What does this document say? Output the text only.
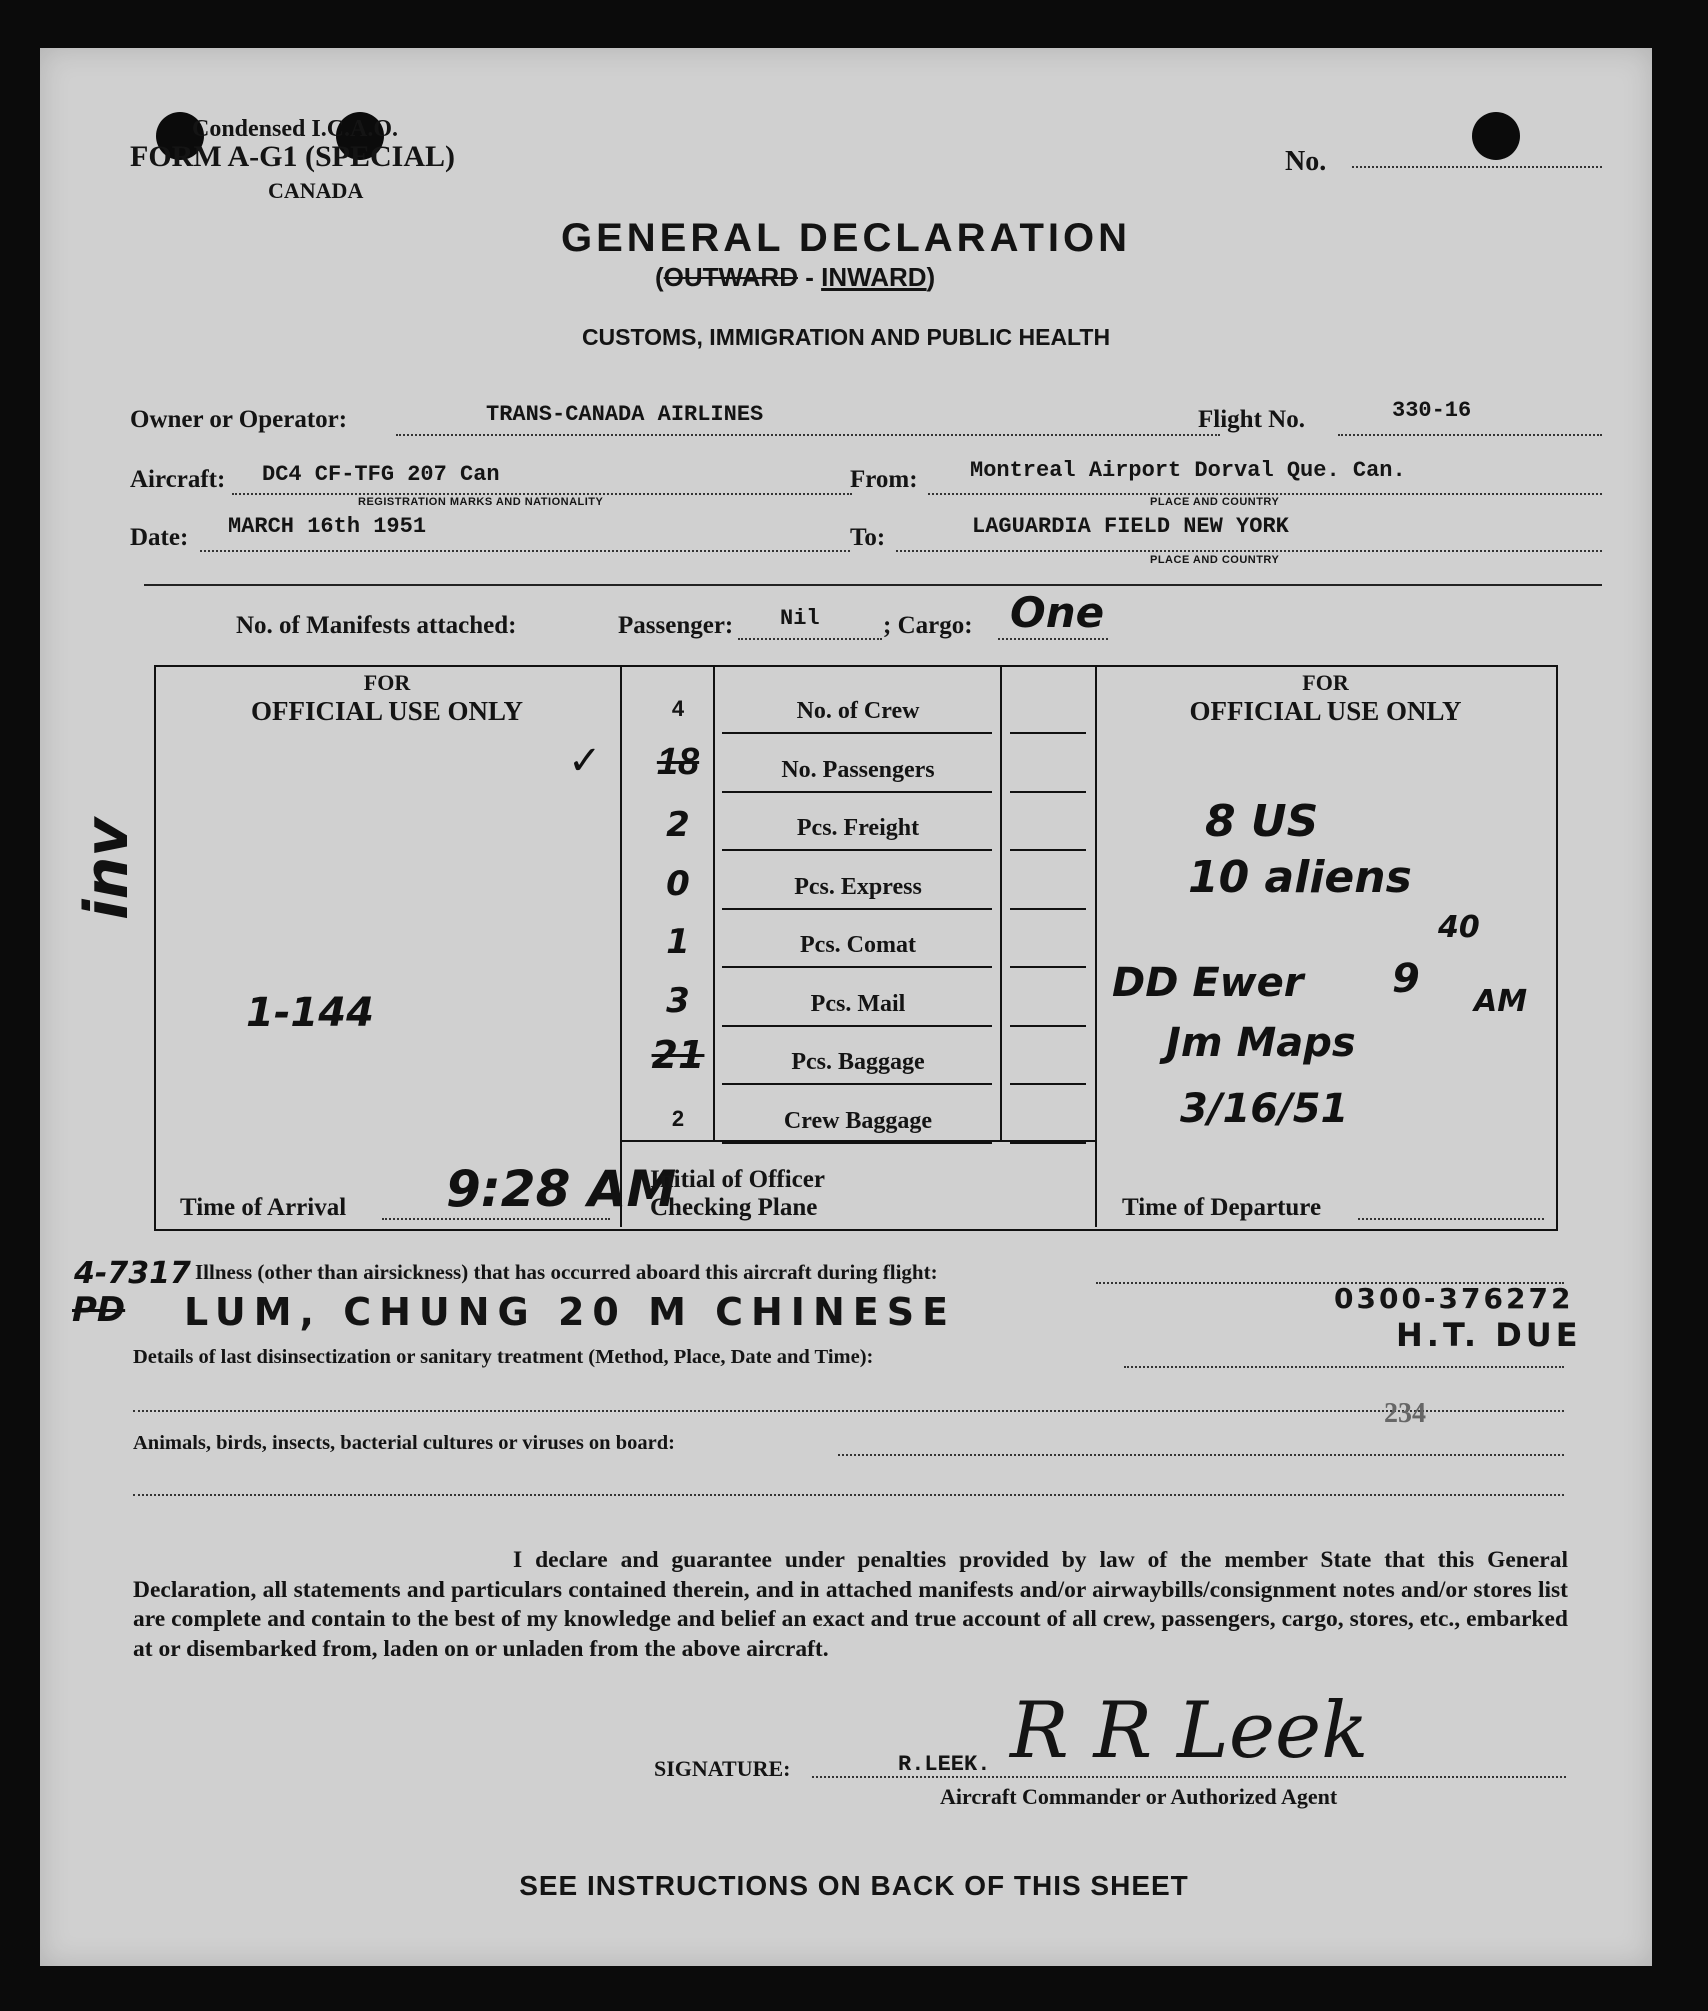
Condensed I.C.A.O.
FORM A-G1 (SPECIAL)
CANADA
No.
GENERAL DECLARATION
(OUTWARD - INWARD)
CUSTOMS, IMMIGRATION AND PUBLIC HEALTH
Owner or Operator:	TRANS-CANADA AIRLINES	Flight No.	330-16
Aircraft: DC4 CF-TFG 207 Can
REGISTRATION MARKS AND NATIONALITY
From: Montreal Airport Dorval Que. Can.
PLACE AND COUNTRY
Date: MARCH 16th 1951	To:	LAGUARDIA FIELD NEW YORK
PLACE AND COUNTRY
No. of Manifests attached:	Passenger: Nil	; Cargo: One
FOR
OFFICIAL USE ONLY
FOR
OFFICIAL USE ONLY
4	No. of Crew
18	No. Passengers
2	Pcs. Freight
0	Pcs. Express
1	Pcs. Comat
3	Pcs. Mail
21	Pcs. Baggage
2	Crew Baggage
Time of Arrival 9:28 AM
Initial of Officer
Checking Plane	Time of Departure
✓
1-144
8 US
10 aliens
DD Ewer
Jm Maps
3/16/51
9
40
AM
inv
Illness (other than airsickness) that has occurred aboard this aircraft during flight:
4-7317
PD LUM, CHUNG 20 M CHINESE	0300-376272
H.T. DUE
Details of last disinsectization or sanitary treatment (Method, Place, Date and Time):
234
Animals, birds, insects, bacterial cultures or viruses on board:
I declare and guarantee under penalties provided by law of the member State that this General Declaration, all statements and particulars contained therein, and in attached manifests and/or airwaybills/consignment notes and/or stores list are complete and contain to the best of my knowledge and belief an exact and true account of all crew, passengers, cargo, stores, etc., embarked at or disembarked from, laden on or unladen from the above aircraft.
SIGNATURE:	R.LEEK. R R Leek
Aircraft Commander or Authorized Agent
SEE INSTRUCTIONS ON BACK OF THIS SHEET
